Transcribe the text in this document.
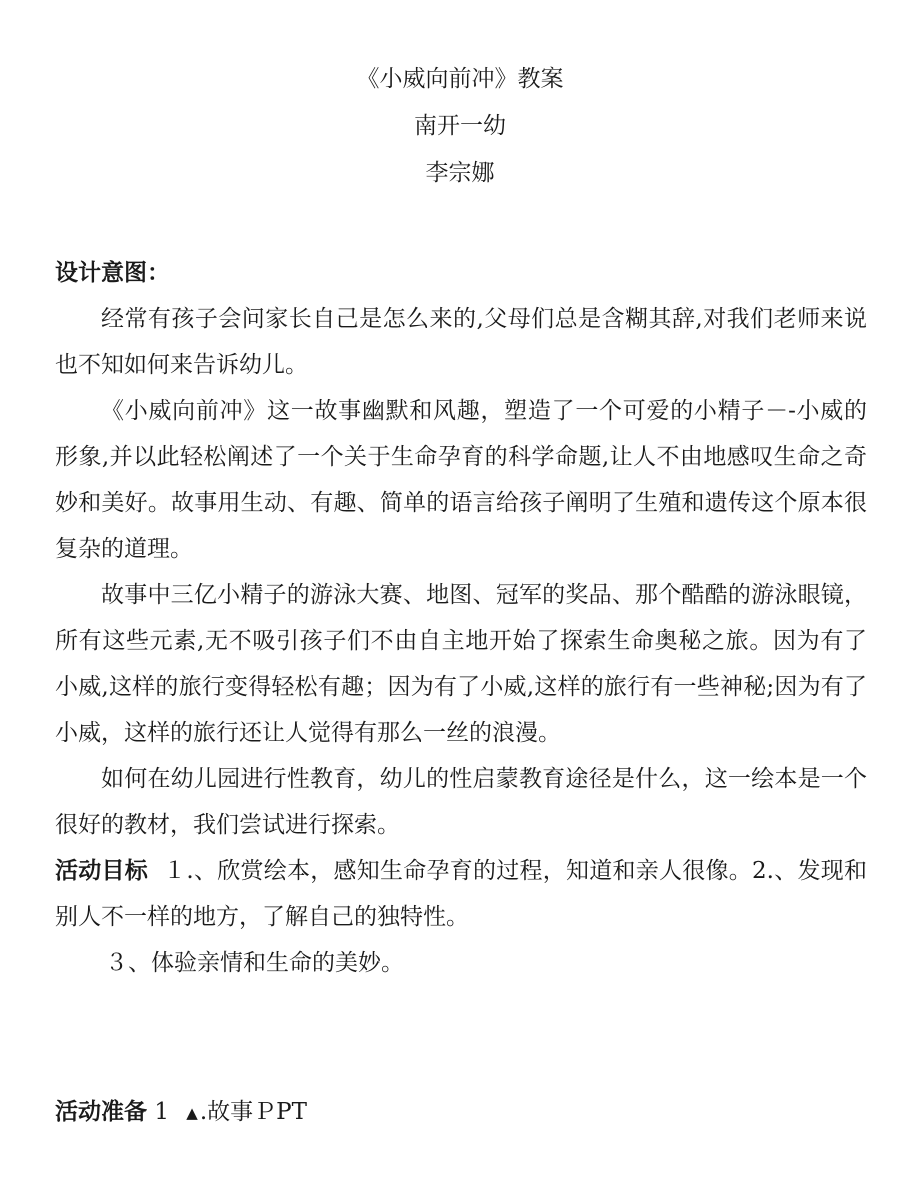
《小威向前冲》教案
南开一幼
李宗娜

设计意图：

经常有孩子会问家长自己是怎么来的,父母们总是含糊其辞,对我们老师来说也不知如何来告诉幼儿。

《小威向前冲》这一故事幽默和风趣，塑造了一个可爱的小精子－-小威的形象,并以此轻松阐述了一个关于生命孕育的科学命题,让人不由地感叹生命之奇妙和美好。故事用生动、有趣、简单的语言给孩子阐明了生殖和遗传这个原本很复杂的道理。

故事中三亿小精子的游泳大赛、地图、冠军的奖品、那个酷酷的游泳眼镜，所有这些元素,无不吸引孩子们不由自主地开始了探索生命奥秘之旅。因为有了小威,这样的旅行变得轻松有趣；因为有了小威,这样的旅行有一些神秘;因为有了小威，这样的旅行还让人觉得有那么一丝的浪漫。

如何在幼儿园进行性教育，幼儿的性启蒙教育途径是什么，这一绘本是一个很好的教材，我们尝试进行探索。

活动目标 １.、欣赏绘本，感知生命孕育的过程，知道和亲人很像。2.、发现和别人不一样的地方，了解自己的独特性。

３、体验亲情和生命的美妙。

活动准备 1 ▲.故事ＰPT
